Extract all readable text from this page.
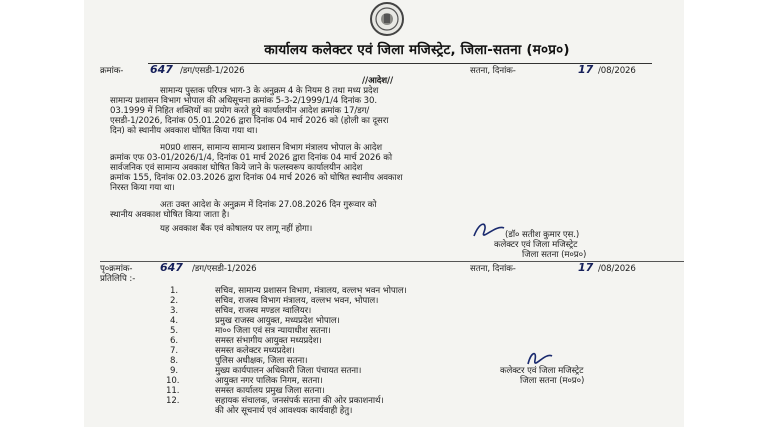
कार्यालय कलेक्टर एवं जिला मजिस्ट्रेट, जिला-सतना (म०प्र०)
क्रमांक- 647 /डग/एसडी-1/2026	सतना, दिनांक-	17 /08/2026
//आदेश//
सामान्य पुस्तक परिपत्र भाग-3 के अनुक्रम 4 के नियम 8 तथा मध्य प्रदेश
सामान्य प्रशासन विभाग भोपाल की अधिसूचना क्रमांक 5-3-2/1999/1/4 दिनांक 30.
03.1999 में निहित शक्तियों का प्रयोग करते हुये कार्यालयीन आदेश क्रमांक 17/डग/
एसडी-1/2026, दिनांक 05.01.2026 द्वारा दिनांक 04 मार्च 2026 को (होली का दूसरा
दिन) को स्थानीय अवकाश घोषित किया गया था।
म0प्र0 शासन, सामान्य सामान्य प्रशासन विभाग मंत्रालय भोपाल के आदेश
क्रमांक एफ 03-01/2026/1/4, दिनांक 01 मार्च 2026 द्वारा दिनांक 04 मार्च 2026 को
सार्वजनिक एवं सामान्य अवकाश घोषित किये जाने के फलस्वरूप कार्यालयीन आदेश
क्रमांक 155, दिनांक 02.03.2026 द्वारा दिनांक 04 मार्च 2026 को घोषित स्थानीय अवकाश
निरस्त किया गया था।
अतः उक्त आदेश के अनुक्रम में दिनांक 27.08.2026 दिन गुरूवार को
स्थानीय अवकाश घोषित किया जाता है।
यह अवकाश बैंक एवं कोषालय पर लागू नहीं होगा।
(डॉ० सतीश कुमार एस.)
कलेक्टर एवं जिला मजिस्ट्रेट
जिला सतना (म०प्र०)
पृ०क्रमांक-	647 /डग/एसडी-1/2026	सतना, दिनांक-	17 /08/2026
प्रतिलिपि :-
1.	सचिव, सामान्य प्रशासन विभाग, मंत्रालय, वल्लभ भवन भोपाल।
2.	सचिव, राजस्व विभाग मंत्रालय, वल्लभ भवन, भोपाल।
3.	सचिव, राजस्व मण्डल ग्वालियर।
4.	प्रमुख राजस्व आयुक्त, मध्यप्रदेश भोपाल।
5.	मा०० जिला एवं सत्र न्यायाधीश सतना।
6.	समस्त संभागीय आयुक्त मध्यप्रदेश।
7.	समस्त कलेक्टर मध्यप्रदेश।
8.	पुलिस अधीक्षक, जिला सतना।
9.	मुख्य कार्यपालन अधिकारी जिला पंचायत सतना।
10.	आयुक्त नगर पालिक निगम, सतना।
11.	समस्त कार्यालय प्रमुख जिला सतना।
12.	सहायक संचालक, जनसंपर्क सतना की ओर प्रकाशनार्थ।
की ओर सूचनार्थ एवं आवश्यक कार्यवाही हेतु।
कलेक्टर एवं जिला मजिस्ट्रेट
जिला सतना (म०प्र०)
